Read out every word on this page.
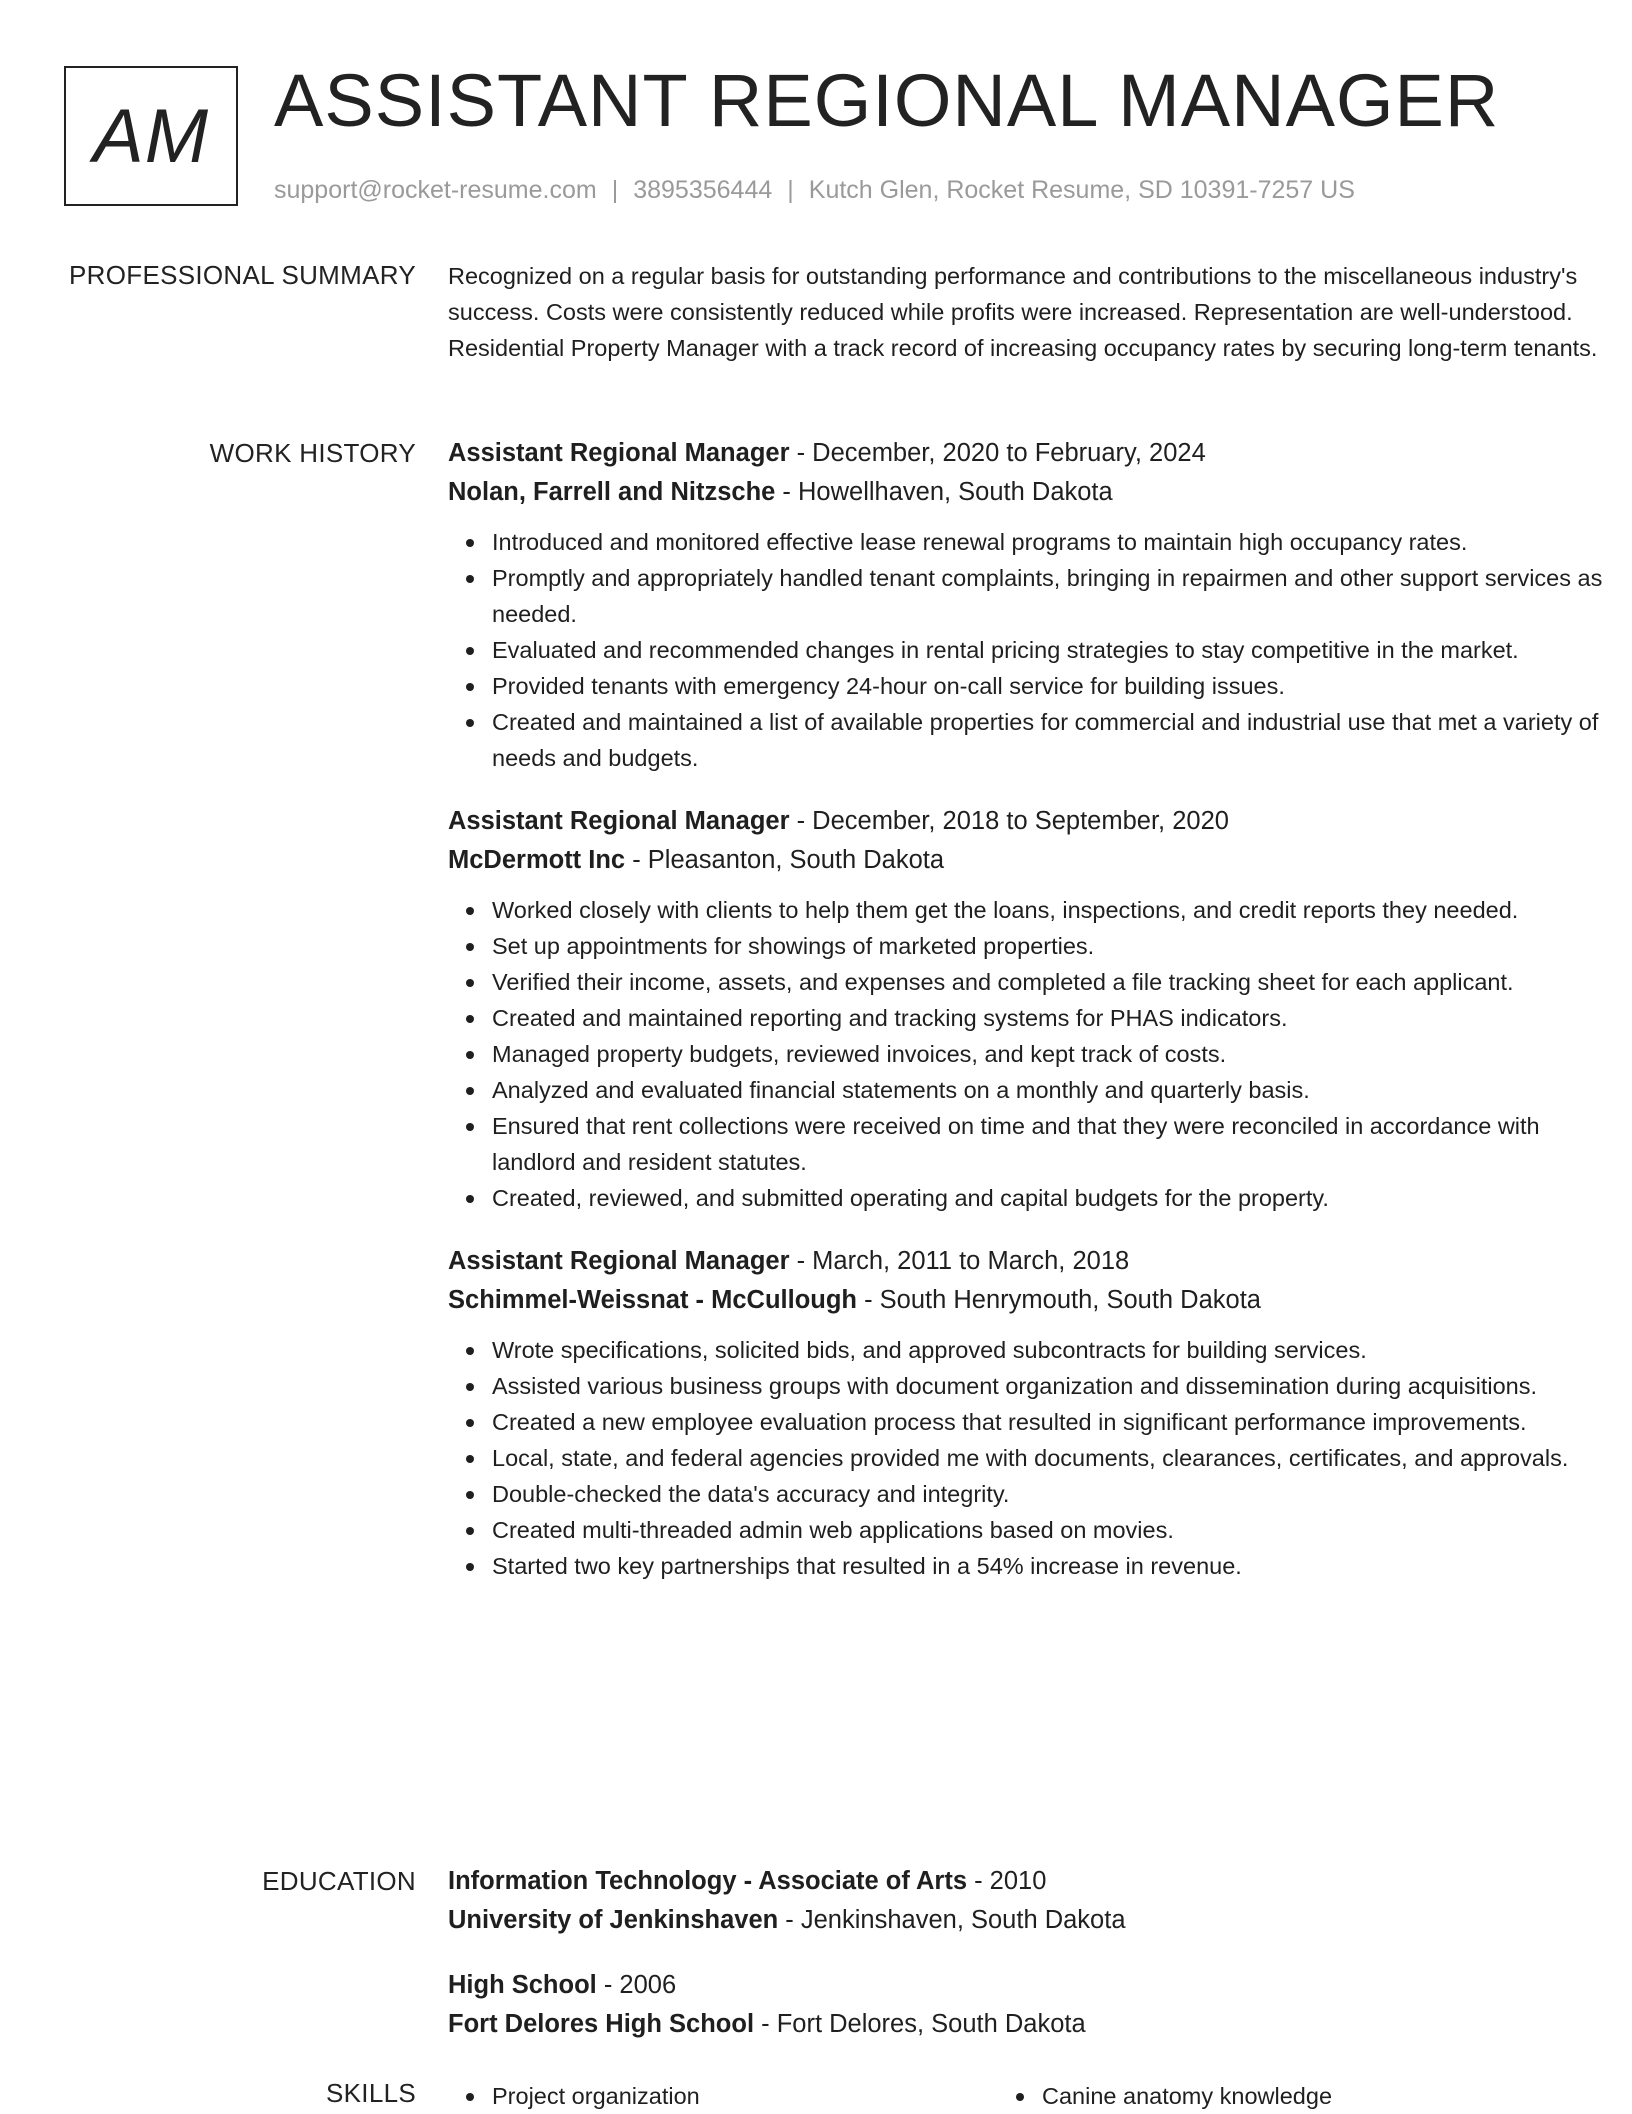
AM ASSISTANT REGIONAL MANAGER
support@rocket-resume.com | 3895356444 | Kutch Glen, Rocket Resume, SD 10391-7257 US
PROFESSIONAL SUMMARY Recognized on a regular basis for outstanding performance and contributions to the miscellaneous industry's success. Costs were consistently reduced while profits were increased. Representation are well-understood. Residential Property Manager with a track record of increasing occupancy rates by securing long-term tenants.

WORK HISTORY Assistant Regional Manager - December, 2020 to February, 2024
Nolan, Farrell and Nitzsche - Howellhaven, South Dakota
Introduced and monitored effective lease renewal programs to maintain high occupancy rates.
Promptly and appropriately handled tenant complaints, bringing in repairmen and other support services as needed.
Evaluated and recommended changes in rental pricing strategies to stay competitive in the market.
Provided tenants with emergency 24-hour on-call service for building issues.
Created and maintained a list of available properties for commercial and industrial use that met a variety of needs and budgets.
Assistant Regional Manager - December, 2018 to September, 2020
McDermott Inc - Pleasanton, South Dakota
Worked closely with clients to help them get the loans, inspections, and credit reports they needed.
Set up appointments for showings of marketed properties.
Verified their income, assets, and expenses and completed a file tracking sheet for each applicant.
Created and maintained reporting and tracking systems for PHAS indicators.
Managed property budgets, reviewed invoices, and kept track of costs.
Analyzed and evaluated financial statements on a monthly and quarterly basis.
Ensured that rent collections were received on time and that they were reconciled in accordance with landlord and resident statutes.
Created, reviewed, and submitted operating and capital budgets for the property.
Assistant Regional Manager - March, 2011 to March, 2018
Schimmel-Weissnat - McCullough - South Henrymouth, South Dakota
Wrote specifications, solicited bids, and approved subcontracts for building services.
Assisted various business groups with document organization and dissemination during acquisitions.
Created a new employee evaluation process that resulted in significant performance improvements.
Local, state, and federal agencies provided me with documents, clearances, certificates, and approvals.
Double-checked the data's accuracy and integrity.
Created multi-threaded admin web applications based on movies.
Started two key partnerships that resulted in a 54% increase in revenue.
EDUCATION Information Technology - Associate of Arts - 2010
University of Jenkinshaven - Jenkinshaven, South Dakota
High School - 2006
Fort Delores High School - Fort Delores, South Dakota
SKILLS	Project organization	Canine anatomy knowledge
